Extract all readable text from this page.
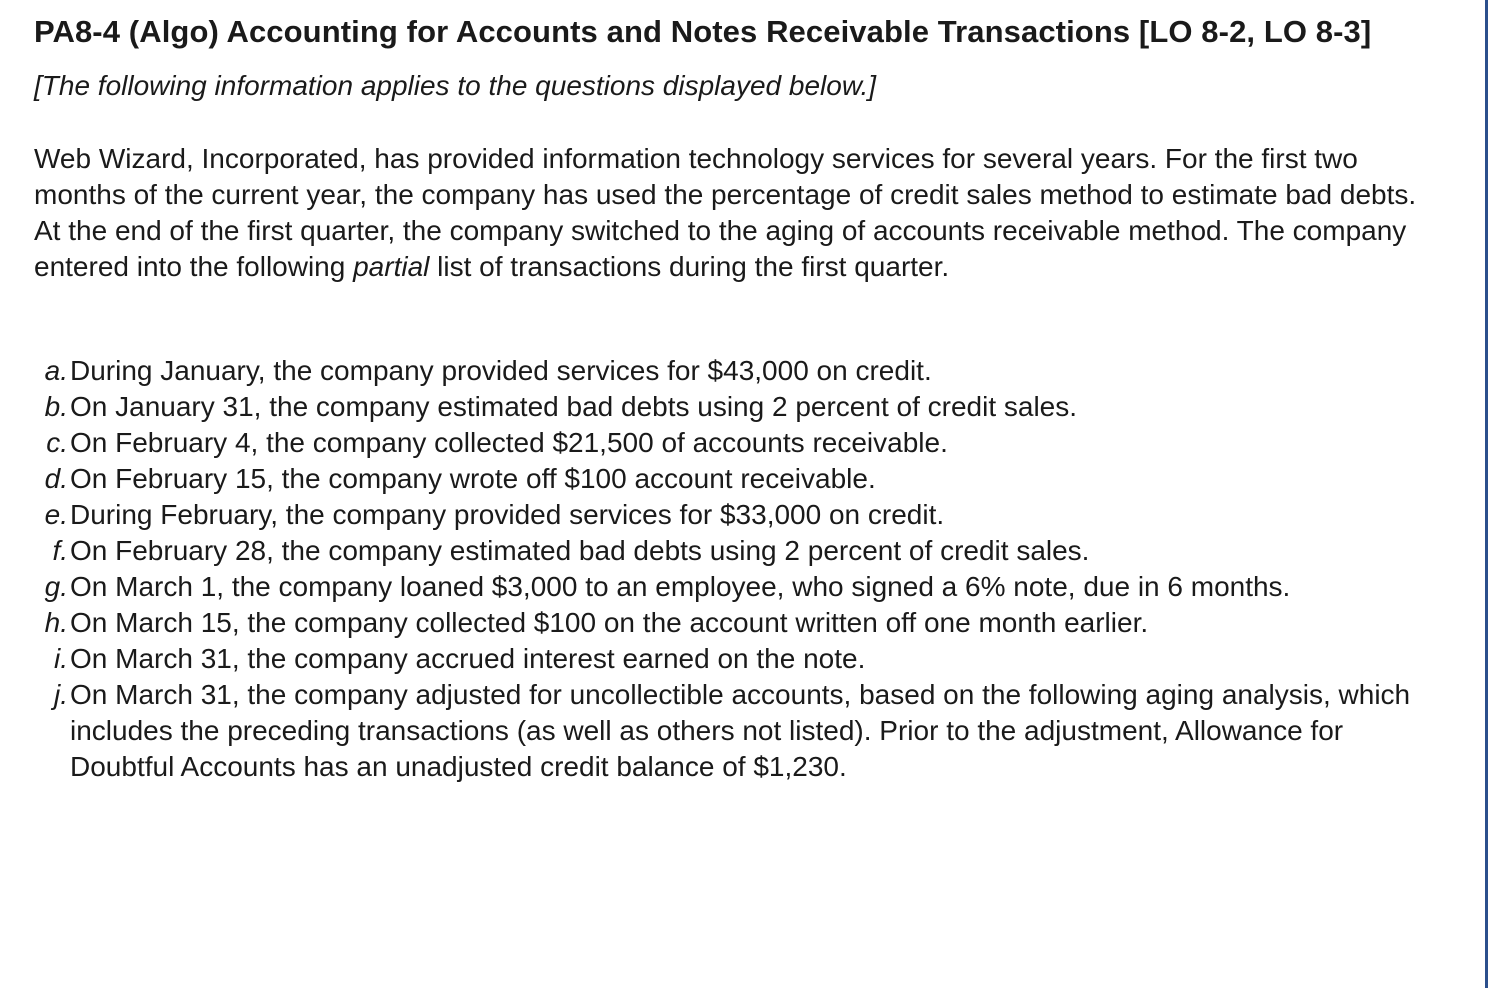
PA8-4 (Algo) Accounting for Accounts and Notes Receivable Transactions [LO 8-2, LO 8-3]

[The following information applies to the questions displayed below.]

Web Wizard, Incorporated, has provided information technology services for several years. For the first two months of the current year, the company has used the percentage of credit sales method to estimate bad debts. At the end of the first quarter, the company switched to the aging of accounts receivable method. The company entered into the following partial list of transactions during the first quarter.

a. During January, the company provided services for $43,000 on credit.
b. On January 31, the company estimated bad debts using 2 percent of credit sales.
c. On February 4, the company collected $21,500 of accounts receivable.
d. On February 15, the company wrote off $100 account receivable.
e. During February, the company provided services for $33,000 on credit.
f. On February 28, the company estimated bad debts using 2 percent of credit sales.
g. On March 1, the company loaned $3,000 to an employee, who signed a 6% note, due in 6 months.
h. On March 15, the company collected $100 on the account written off one month earlier.
i. On March 31, the company accrued interest earned on the note.
j. On March 31, the company adjusted for uncollectible accounts, based on the following aging analysis, which includes the preceding transactions (as well as others not listed). Prior to the adjustment, Allowance for Doubtful Accounts has an unadjusted credit balance of $1,230.
